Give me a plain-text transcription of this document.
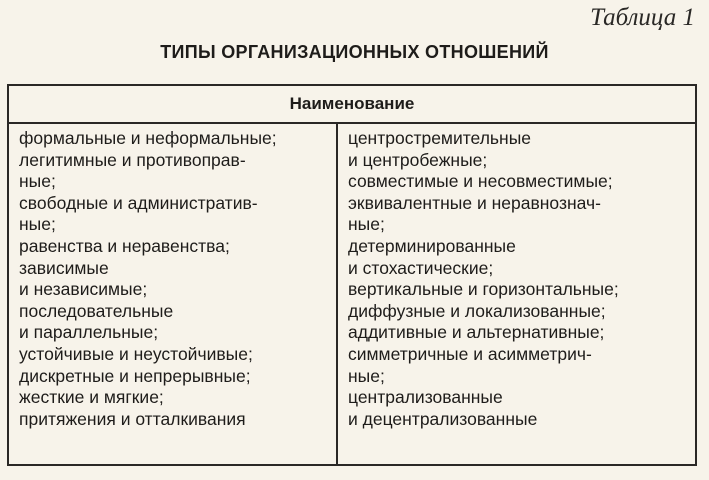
Таблица 1
ТИПЫ ОРГАНИЗАЦИОННЫХ ОТНОШЕНИЙ
Наименование
формальные и неформальные;
легитимные и противоправ-
ные;
свободные и административ-
ные;
равенства и неравенства;
зависимые
и независимые;
последовательные
и параллельные;
устойчивые и неустойчивые;
дискретные и непрерывные;
жесткие и мягкие;
притяжения и отталкивания
центростремительные
и центробежные;
совместимые и несовместимые;
эквивалентные и неравнознач-
ные;
детерминированные
и стохастические;
вертикальные и горизонтальные;
диффузные и локализованные;
аддитивные и альтернативные;
симметричные и асимметрич-
ные;
централизованные
и децентрализованные
